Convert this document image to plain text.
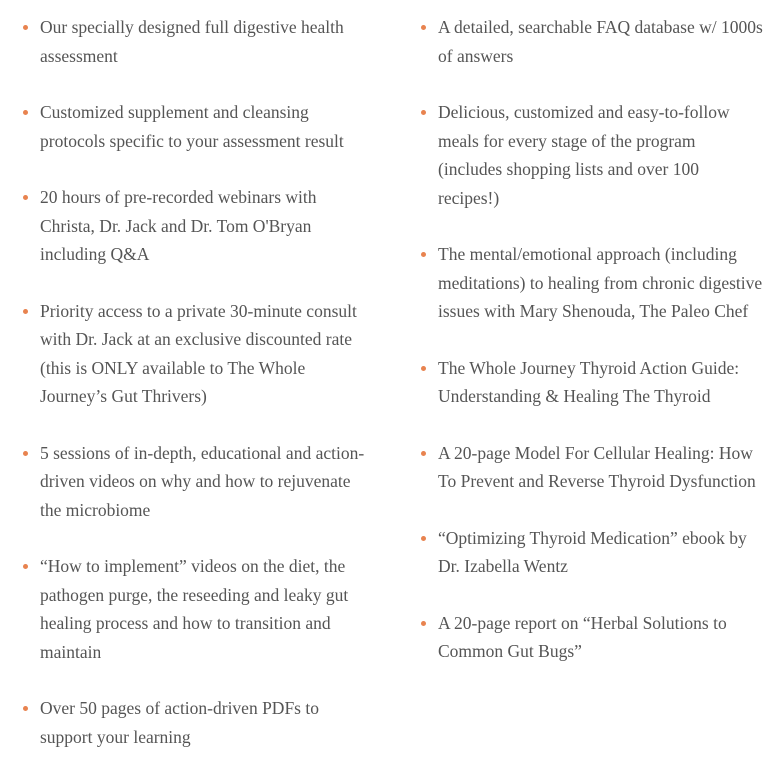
Our specially designed full digestive health assessment
Customized supplement and cleansing protocols specific to your assessment result
20 hours of pre-recorded webinars with Christa, Dr. Jack and Dr. Tom O'Bryan including Q&A
Priority access to a private 30-minute consult with Dr. Jack at an exclusive discounted rate (this is ONLY available to The Whole Journey’s Gut Thrivers)
5 sessions of in-depth, educational and action-driven videos on why and how to rejuvenate the microbiome
“How to implement” videos on the diet, the pathogen purge, the reseeding and leaky gut healing process and how to transition and maintain
Over 50 pages of action-driven PDFs to support your learning
A detailed, searchable FAQ database w/ 1000s of answers
Delicious, customized and easy-to-follow meals for every stage of the program (includes shopping lists and over 100 recipes!)
The mental/emotional approach (including meditations) to healing from chronic digestive issues with Mary Shenouda, The Paleo Chef
The Whole Journey Thyroid Action Guide: Understanding & Healing The Thyroid
A 20-page Model For Cellular Healing: How To Prevent and Reverse Thyroid Dysfunction
“Optimizing Thyroid Medication” ebook by Dr. Izabella Wentz
A 20-page report on “Herbal Solutions to Common Gut Bugs”
